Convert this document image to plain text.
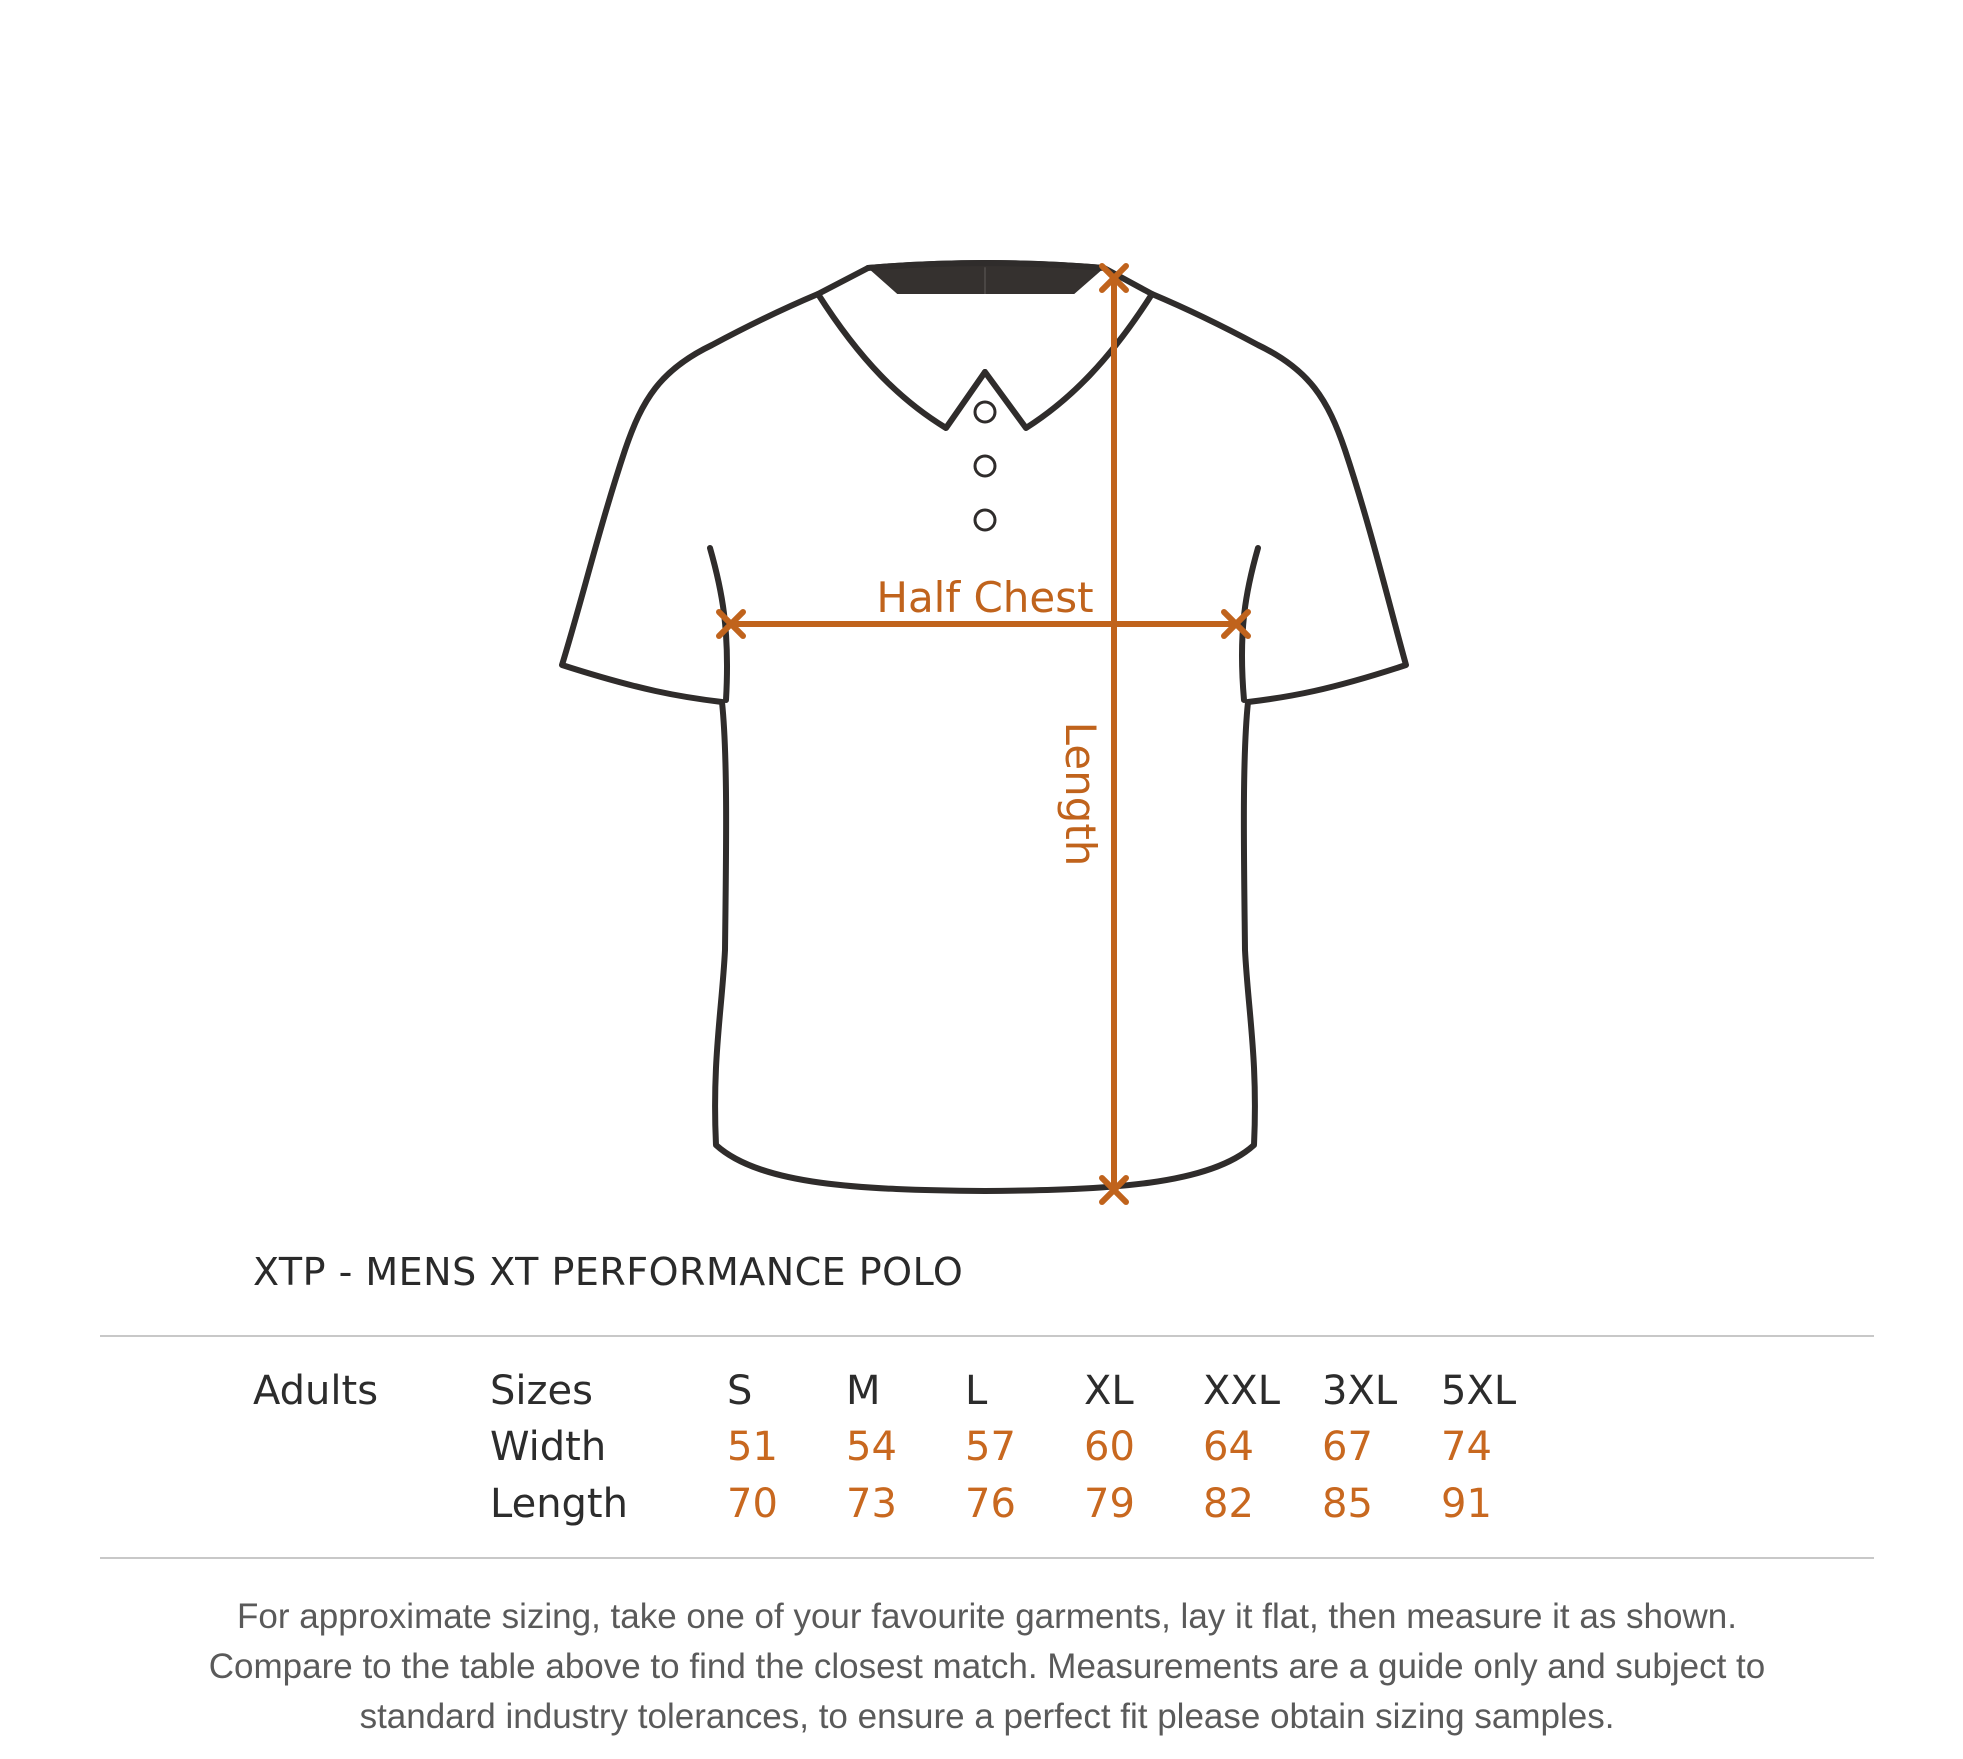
Half Chest
Length
XTP - MENS XT PERFORMANCE POLO
Adults	Sizes	S M L XL XXL 3XL 5XL
Width	51 54 57 60 64 67 74
Length 70 73 76 79 82 85 91
For approximate sizing, take one of your favourite garments, lay it flat, then measure it as shown.
Compare to the table above to find the closest match. Measurements are a guide only and subject to
standard industry tolerances, to ensure a perfect fit please obtain sizing samples.
